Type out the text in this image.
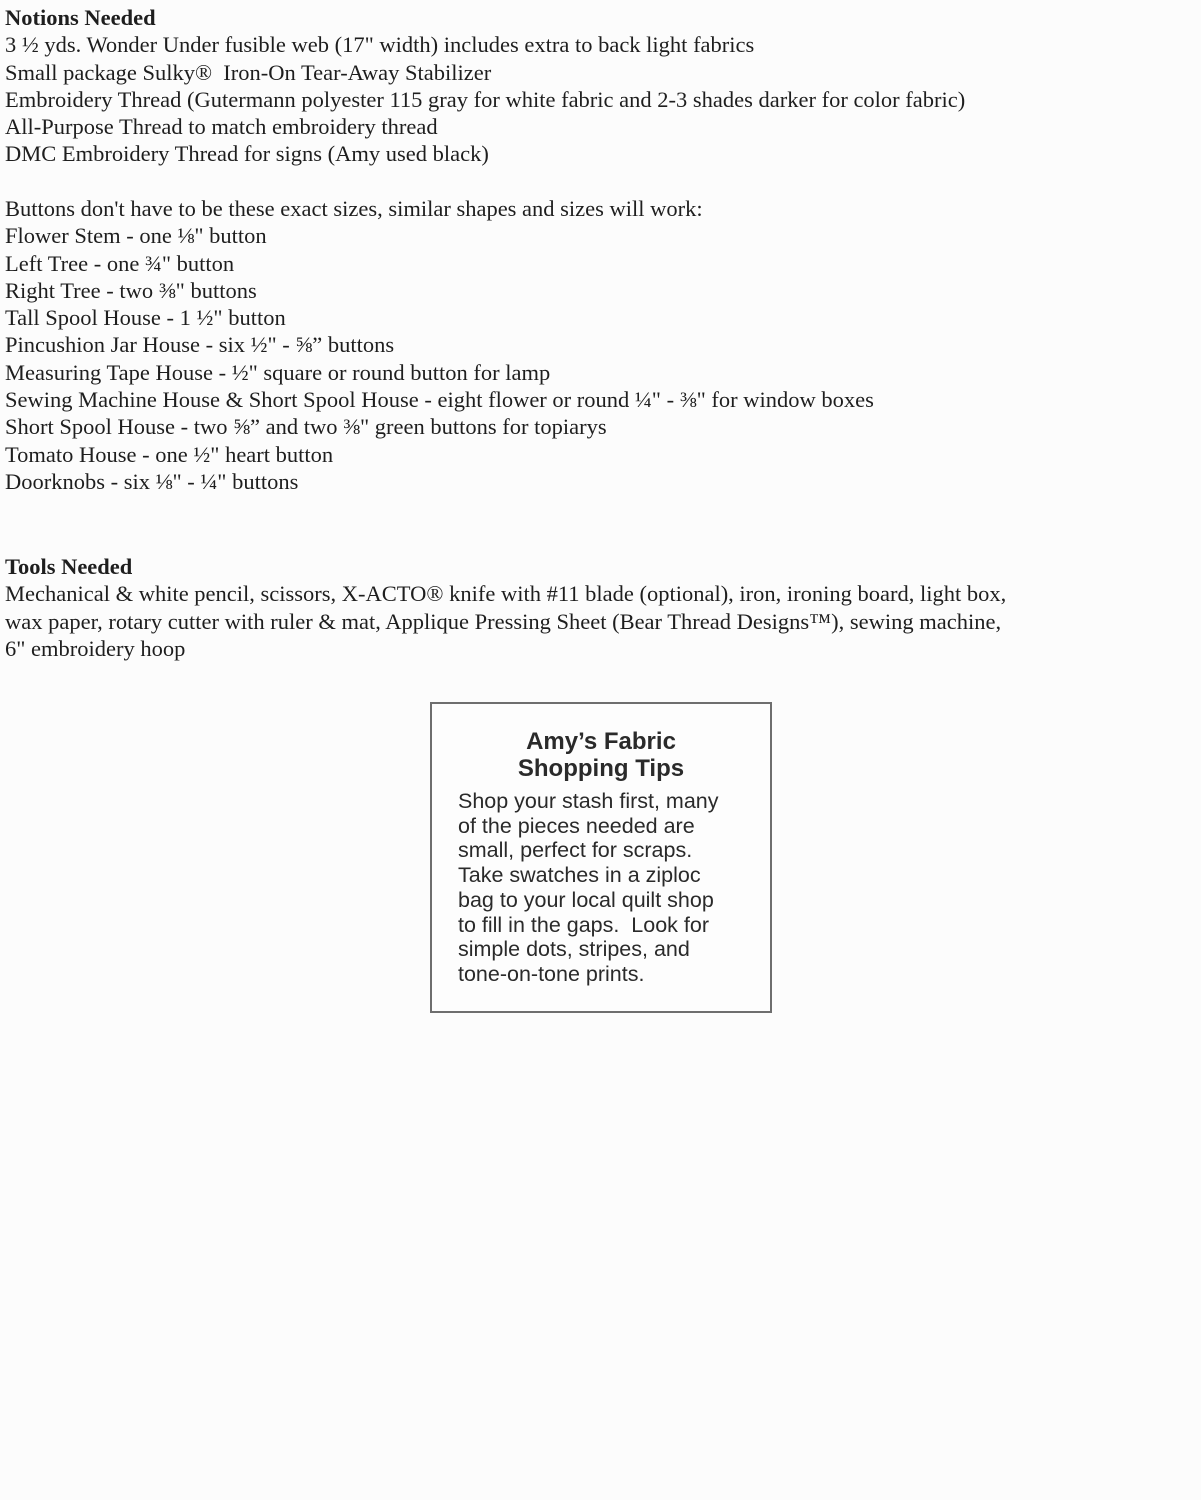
Notions Needed
3 ½ yds. Wonder Under fusible web (17" width) includes extra to back light fabrics
Small package Sulky®  Iron-On Tear-Away Stabilizer
Embroidery Thread (Gutermann polyester 115 gray for white fabric and 2-3 shades darker for color fabric)
All-Purpose Thread to match embroidery thread
DMC Embroidery Thread for signs (Amy used black)
Buttons don't have to be these exact sizes, similar shapes and sizes will work:
Flower Stem - one ⅛" button
Left Tree - one ¾" button
Right Tree - two ⅜" buttons
Tall Spool House - 1 ½" button
Pincushion Jar House - six ½" - ⅝” buttons
Measuring Tape House - ½" square or round button for lamp
Sewing Machine House & Short Spool House - eight flower or round ¼" - ⅜" for window boxes
Short Spool House - two ⅝” and two ⅜" green buttons for topiarys
Tomato House - one ½" heart button
Doorknobs - six ⅛" - ¼" buttons
Tools Needed
Mechanical & white pencil, scissors, X-ACTO® knife with #11 blade (optional), iron, ironing board, light box,
wax paper, rotary cutter with ruler & mat, Applique Pressing Sheet (Bear Thread Designs™), sewing machine,
6" embroidery hoop
Amy’s Fabric
Shopping Tips
Shop your stash first, many
of the pieces needed are
small, perfect for scraps.
Take swatches in a ziploc
bag to your local quilt shop
to fill in the gaps.  Look for
simple dots, stripes, and
tone-on-tone prints.
